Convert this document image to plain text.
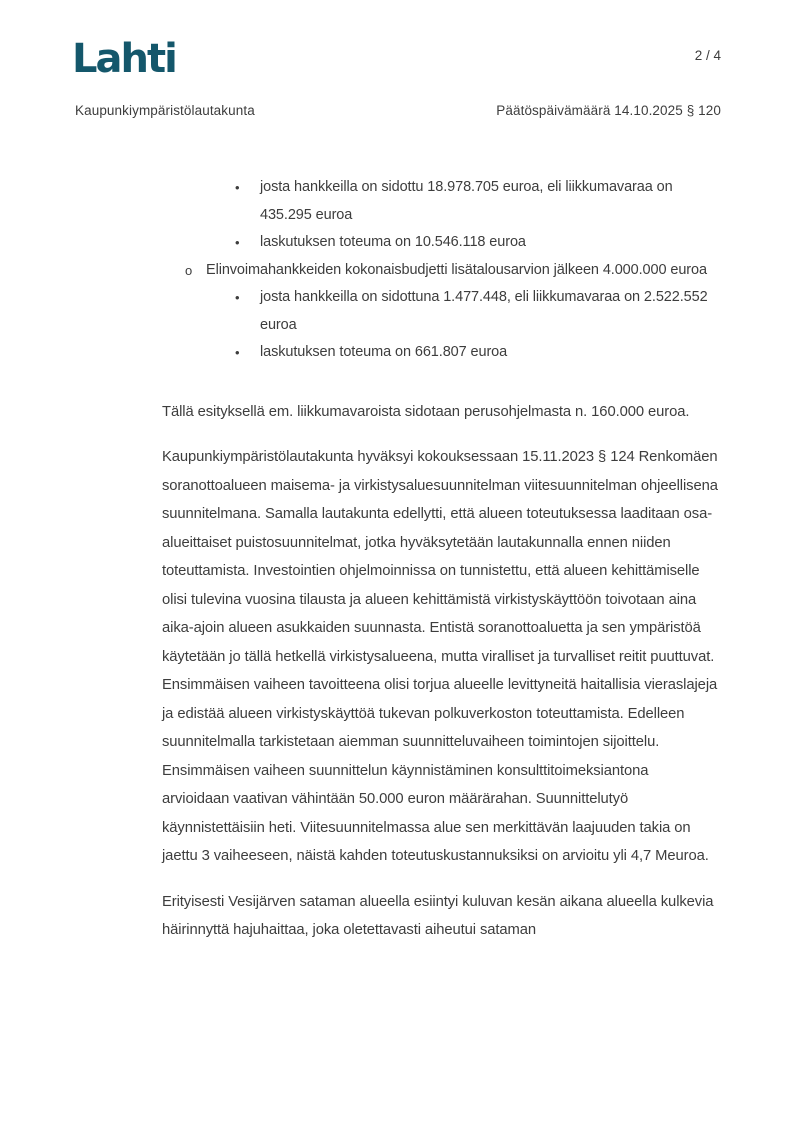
Lahti	2 / 4
Kaupunkiympäristölautakunta	Päätöspäivämäärä 14.10.2025 § 120
•	josta hankkeilla on sidottu 18.978.705 euroa, eli liikkumavaraa on 435.295 euroa
•	laskutuksen toteuma on 10.546.118 euroa
o Elinvoimahankkeiden kokonaisbudjetti lisätalousarvion jälkeen 4.000.000 euroa
•	josta hankkeilla on sidottuna 1.477.448, eli liikkumavaraa on 2.522.552 euroa
•	laskutuksen toteuma on 661.807 euroa
Tällä esityksellä em. liikkumavaroista sidotaan perusohjelmasta n. 160.000 euroa.
Kaupunkiympäristölautakunta hyväksyi kokouksessaan 15.11.2023 § 124 Renkomäen soranottoalueen maisema- ja virkistysaluesuunnitelman viitesuunnitelman ohjeellisena suunnitelmana. Samalla lautakunta edellytti, että alueen toteutuksessa laaditaan osa-alueittaiset puistosuunnitelmat, jotka hyväksytetään lautakunnalla ennen niiden toteuttamista. Investointien ohjelmoinnissa on tunnistettu, että alueen kehittämiselle olisi tulevina vuosina tilausta ja alueen kehittämistä virkistyskäyttöön toivotaan aina aika-ajoin alueen asukkaiden suunnasta. Entistä soranottoaluetta ja sen ympäristöä käytetään jo tällä hetkellä virkistysalueena, mutta viralliset ja turvalliset reitit puuttuvat. Ensimmäisen vaiheen tavoitteena olisi torjua alueelle levittyneitä haitallisia vieraslajeja ja edistää alueen virkistyskäyttöä tukevan polkuverkoston toteuttamista. Edelleen suunnitelmalla tarkistetaan aiemman suunnitteluvaiheen toimintojen sijoittelu. Ensimmäisen vaiheen suunnittelun käynnistäminen konsulttitoimeksiantona arvioidaan vaativan vähintään 50.000 euron määrärahan. Suunnittelutyö käynnistettäisiin heti. Viitesuunnitelmassa alue sen merkittävän laajuuden takia on jaettu 3 vaiheeseen, näistä kahden toteutuskustannuksiksi on arvioitu yli 4,7 Meuroa.
Erityisesti Vesijärven sataman alueella esiintyi kuluvan kesän aikana alueella kulkevia häirinnyttä hajuhaittaa, joka oletettavasti aiheutui sataman
